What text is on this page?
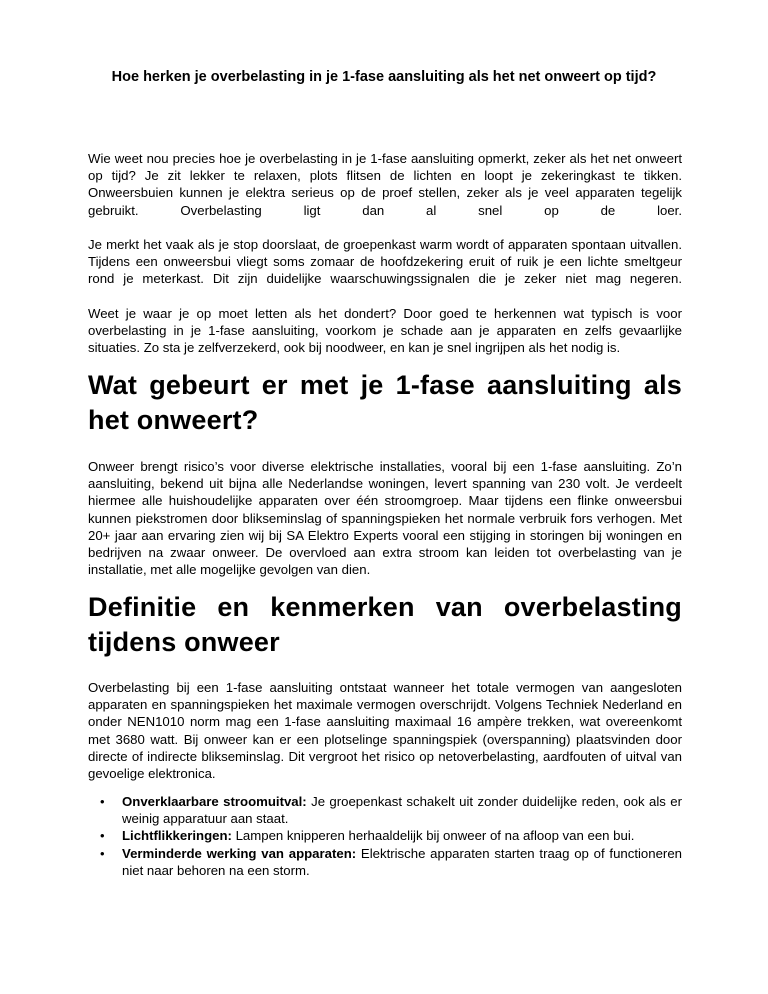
Hoe herken je overbelasting in je 1-fase aansluiting als het net onweert op tijd?

Wie weet nou precies hoe je overbelasting in je 1-fase aansluiting opmerkt, zeker als het net onweert op tijd? Je zit lekker te relaxen, plots flitsen de lichten en loopt je zekeringkast te tikken. Onweersbuien kunnen je elektra serieus op de proef stellen, zeker als je veel apparaten tegelijk gebruikt. Overbelasting ligt dan al snel op de loer.

Je merkt het vaak als je stop doorslaat, de groepenkast warm wordt of apparaten spontaan uitvallen. Tijdens een onweersbui vliegt soms zomaar de hoofdzekering eruit of ruik je een lichte smeltgeur rond je meterkast. Dit zijn duidelijke waarschuwingssignalen die je zeker niet mag negeren.

Weet je waar je op moet letten als het dondert? Door goed te herkennen wat typisch is voor overbelasting in je 1-fase aansluiting, voorkom je schade aan je apparaten en zelfs gevaarlijke situaties. Zo sta je zelfverzekerd, ook bij noodweer, en kan je snel ingrijpen als het nodig is.

Wat gebeurt er met je 1-fase aansluiting als het onweert?

Onweer brengt risico’s voor diverse elektrische installaties, vooral bij een 1-fase aansluiting. Zo’n aansluiting, bekend uit bijna alle Nederlandse woningen, levert spanning van 230 volt. Je verdeelt hiermee alle huishoudelijke apparaten over één stroomgroep. Maar tijdens een flinke onweersbui kunnen piekstromen door blikseminslag of spanningspieken het normale verbruik fors verhogen. Met 20+ jaar aan ervaring zien wij bij SA Elektro Experts vooral een stijging in storingen bij woningen en bedrijven na zwaar onweer. De overvloed aan extra stroom kan leiden tot overbelasting van je installatie, met alle mogelijke gevolgen van dien.

Definitie en kenmerken van overbelasting tijdens onweer

Overbelasting bij een 1-fase aansluiting ontstaat wanneer het totale vermogen van aangesloten apparaten en spanningspieken het maximale vermogen overschrijdt. Volgens Techniek Nederland en onder NEN1010 norm mag een 1-fase aansluiting maximaal 16 ampère trekken, wat overeenkomt met 3680 watt. Bij onweer kan er een plotselinge spanningspiek (overspanning) plaatsvinden door directe of indirecte blikseminslag. Dit vergroot het risico op netoverbelasting, aardfouten of uitval van gevoelige elektronica.

• Onverklaarbare stroomuitval: Je groepenkast schakelt uit zonder duidelijke reden, ook als er weinig apparatuur aan staat.
• Lichtflikkeringen: Lampen knipperen herhaaldelijk bij onweer of na afloop van een bui.
• Verminderde werking van apparaten: Elektrische apparaten starten traag op of functioneren niet naar behoren na een storm.
